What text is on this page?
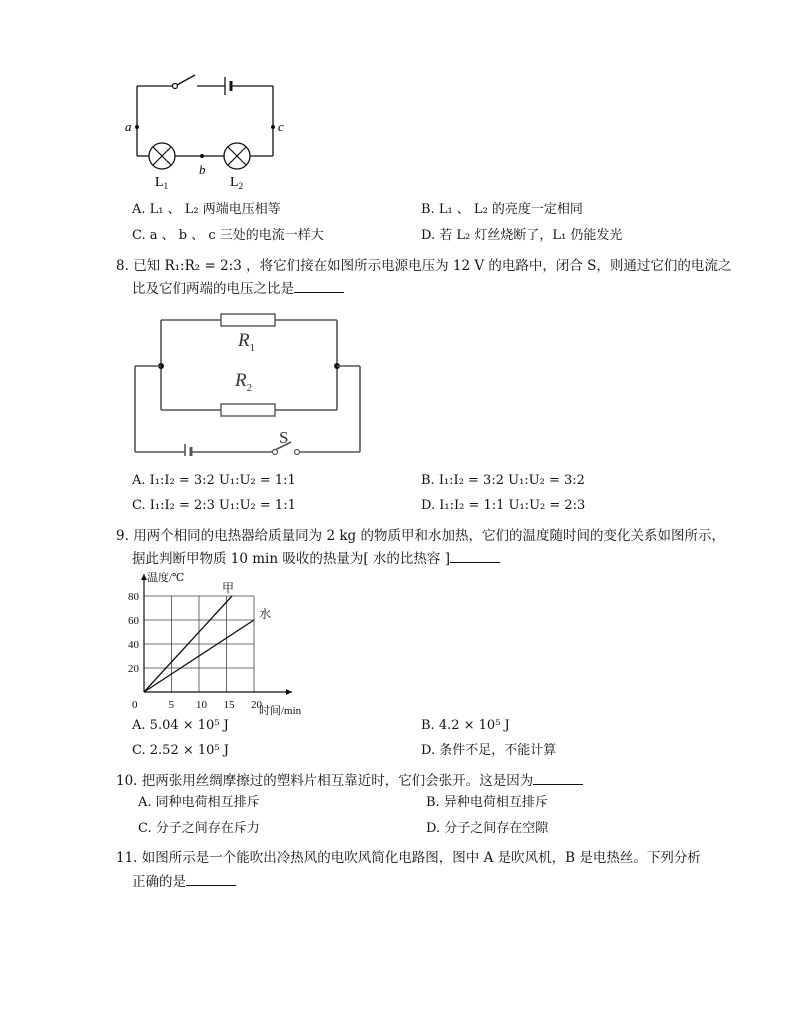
a
b
c
$L_1$	$L_2$
A. L₁ 、 L₂ 两端电压相等	B. L₁ 、 L₂ 的亮度一定相同
C. a 、 b 、 c 三处的电流一样大	D. 若 L₂ 灯丝烧断了，L₁ 仍能发光
8. 已知 R₁:R₂ = 2:3 ，将它们接在如图所示电源电压为 12 V 的电路中，闭合 S，则通过它们的电流之
比及它们两端的电压之比是
$R_1$
$R_2$
S
A. I₁:I₂ = 3:2 U₁:U₂ = 1:1	B. I₁:I₂ = 3:2 U₁:U₂ = 3:2
C. I₁:I₂ = 2:3 U₁:U₂ = 1:1	D. I₁:I₂ = 1:1 U₁:U₂ = 2:3
9. 用两个相同的电热器给质量同为 2 kg 的物质甲和水加热，它们的温度随时间的变化关系如图所示，
据此判断甲物质 10 min 吸收的热量为[ 水的比热容 ]
0	5 10 15 20
20
40
60
80
温度/℃
时间/min
甲
水
A. 5.04 × 10⁵ J	B. 4.2 × 10⁵ J
C. 2.52 × 10⁵ J	D. 条件不足，不能计算
10. 把两张用丝绸摩擦过的塑料片相互靠近时，它们会张开。这是因为
A. 同种电荷相互排斥	B. 异种电荷相互排斥
C. 分子之间存在斥力	D. 分子之间存在空隙
11. 如图所示是一个能吹出冷热风的电吹风简化电路图，图中 A 是吹风机，B 是电热丝。下列分析
正确的是
